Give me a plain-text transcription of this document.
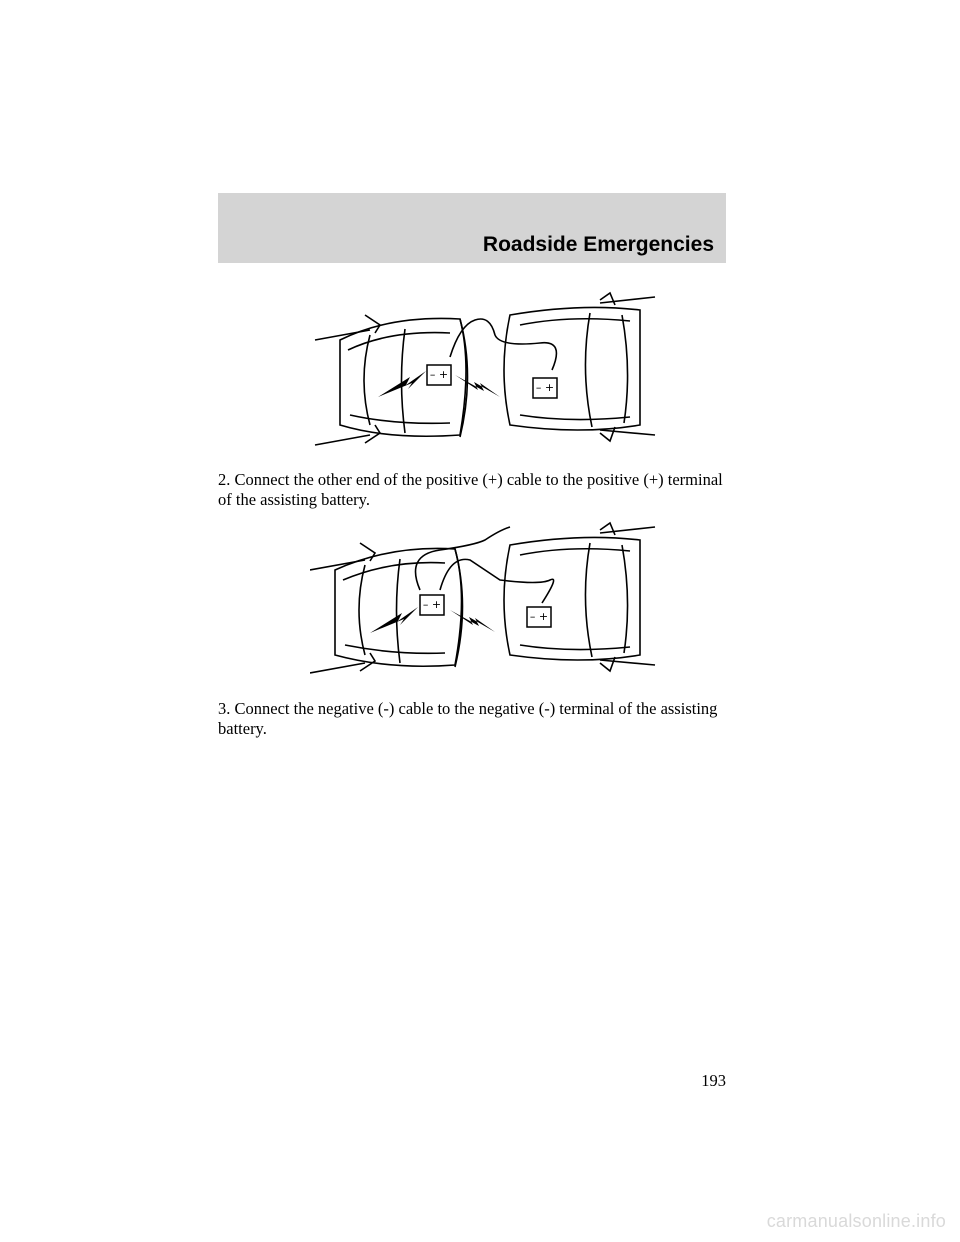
Roadside Emergencies
– +
– +

2. Connect the other end of the positive (+) cable to the positive (+) terminal of the assisting battery.

– +
– +

3. Connect the negative (-) cable to the negative (-) terminal of the assisting battery.

193
carmanualsonline.info
